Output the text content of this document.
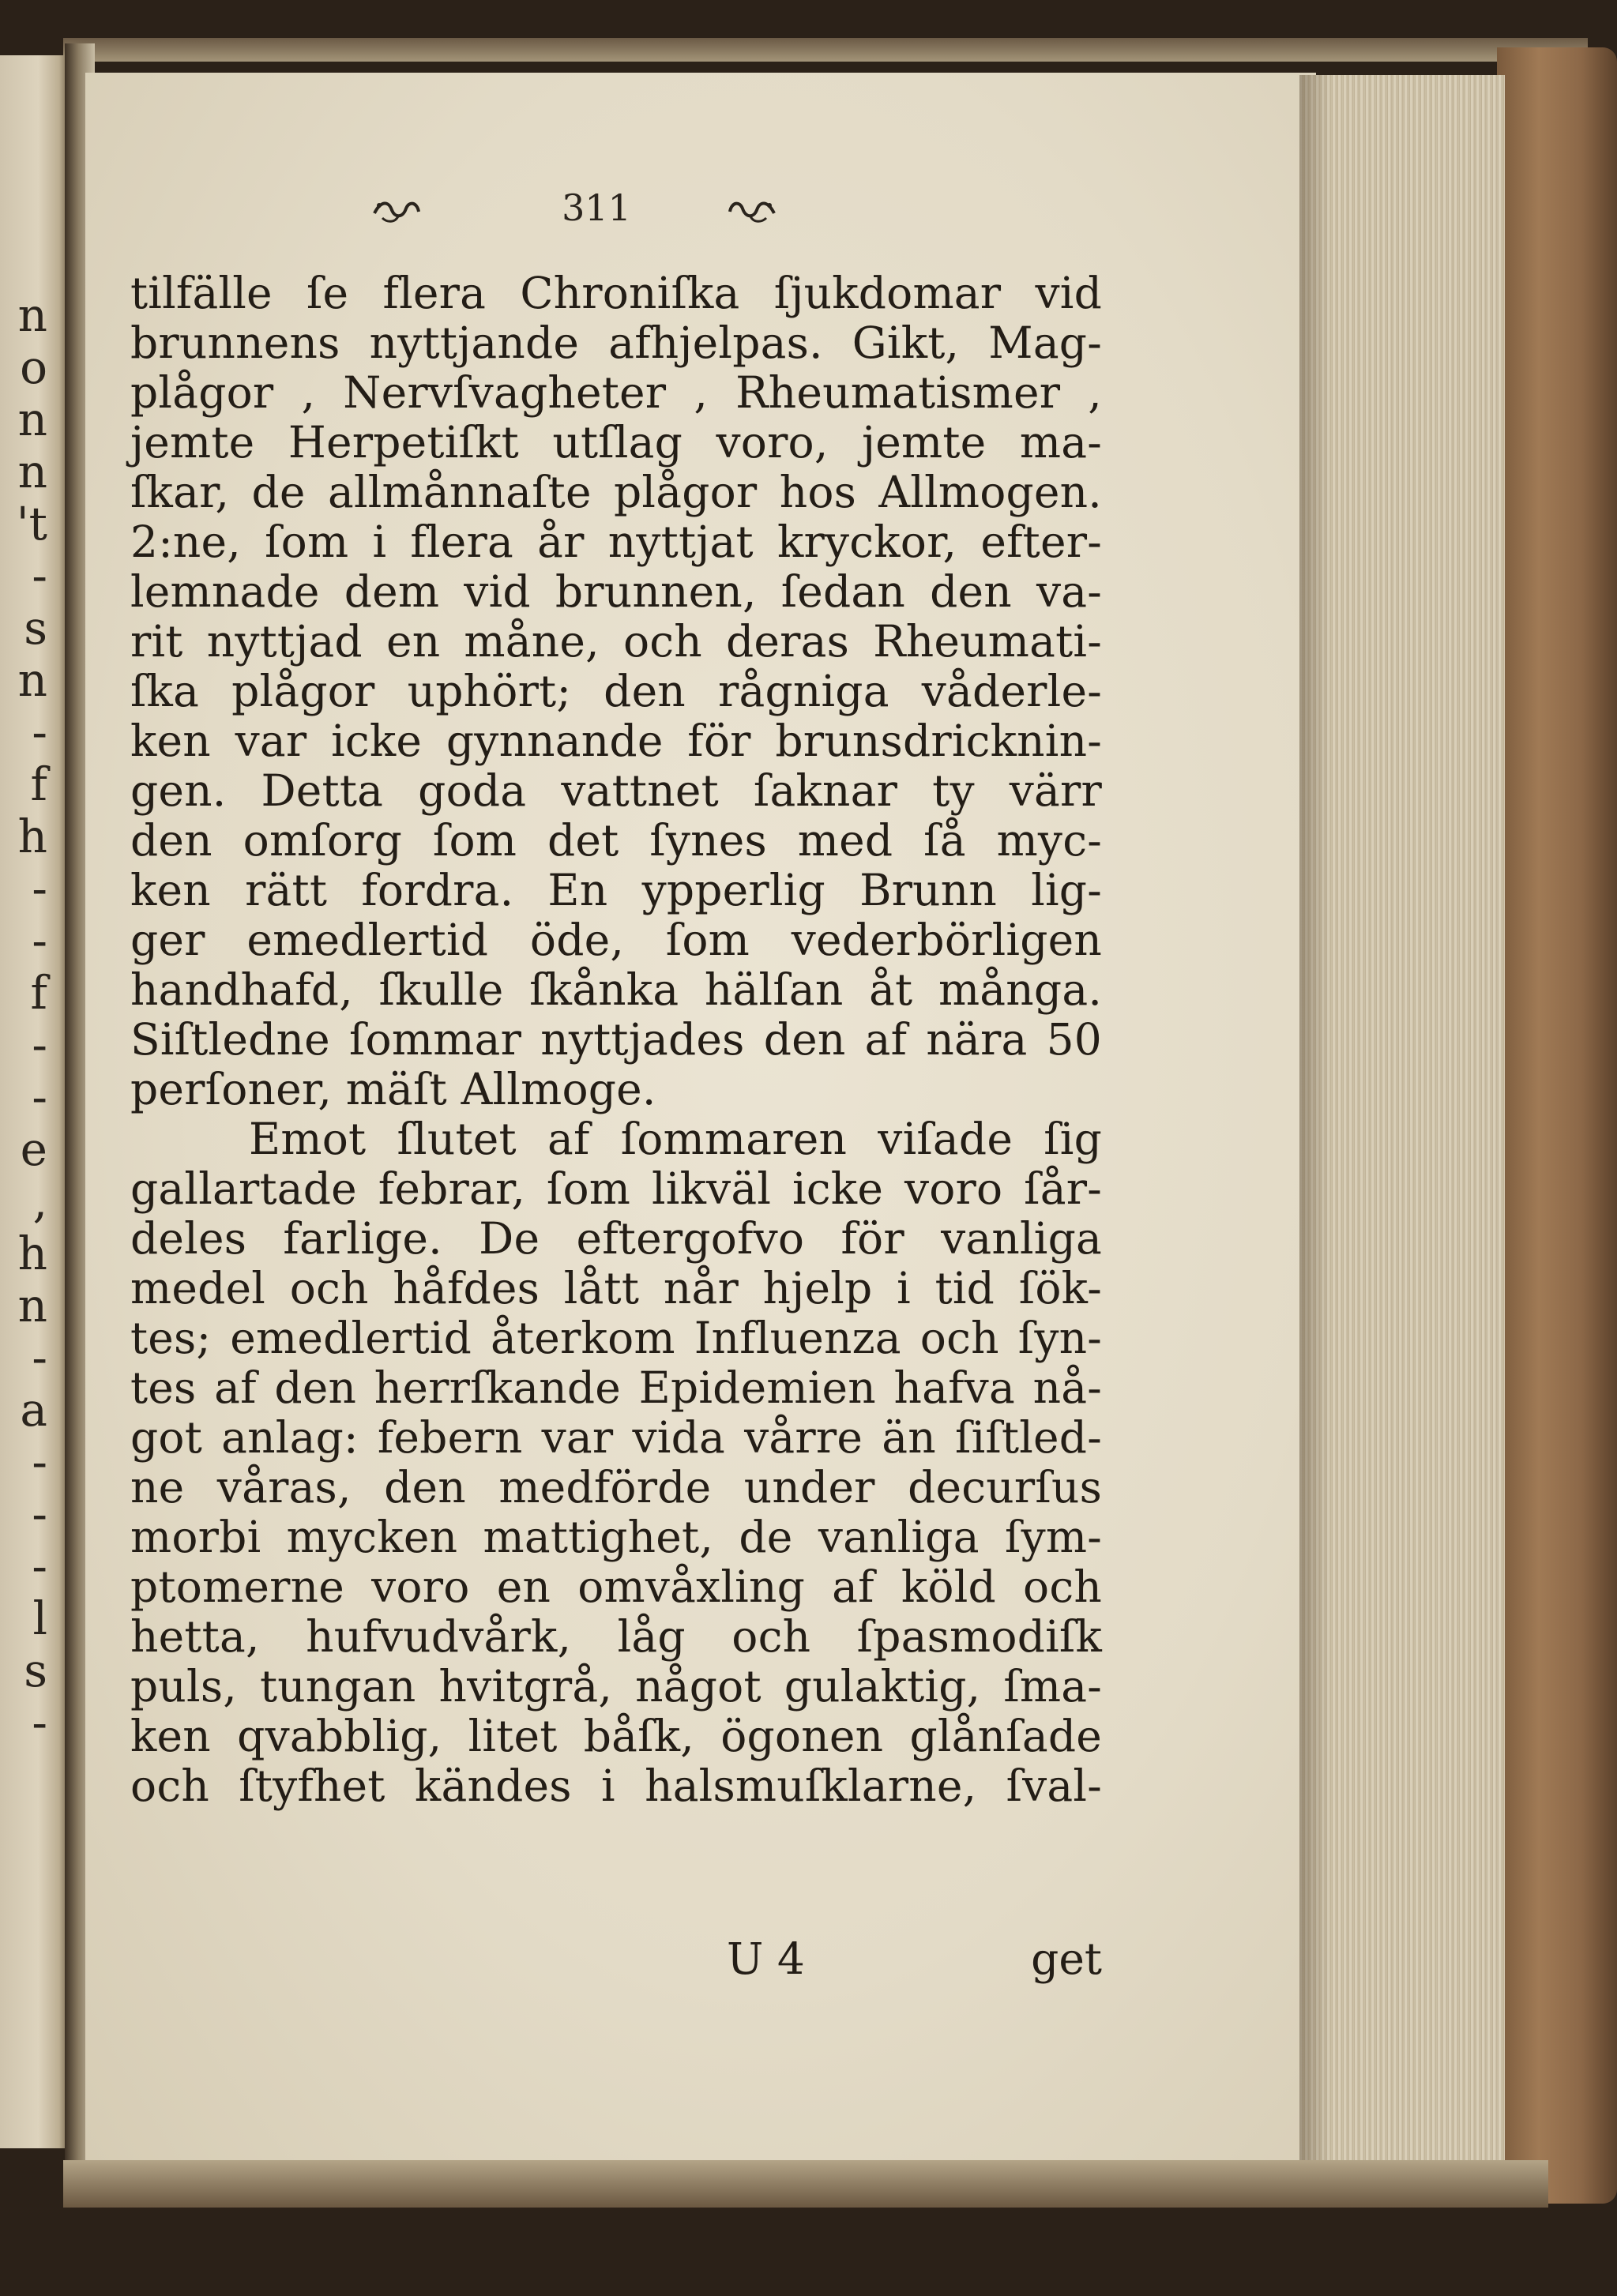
n
o
n
n
't
-
s
n
-
f
h
-
-
f
-
-
e
,
h
n
-
a
-
-
-
l
s
-
311
tilfälle ſe flera Chroniſka ſjukdomar vid
brunnens nyttjande afhjelpas. Gikt, Mag-
plågor , Nervſvagheter , Rheumatismer ,
jemte Herpetiſkt utſlag voro, jemte ma-
ſkar, de allmånnaſte plågor hos Allmogen.
2:ne, ſom i flera år nyttjat kryckor, efter-
lemnade dem vid brunnen, ſedan den va-
rit nyttjad en måne, och deras Rheumati-
ſka plågor uphört; den rågniga våderle-
ken var icke gynnande för brunsdricknin-
gen. Detta goda vattnet ſaknar ty värr
den omſorg ſom det ſynes med ſå myc-
ken rätt fordra. En ypperlig Brunn lig-
ger emedlertid öde, ſom vederbörligen
handhafd, ſkulle ſkånka hälſan åt många.
Siſtledne ſommar nyttjades den af nära 50
perſoner, mäſt Allmoge.
Emot ſlutet af ſommaren viſade ſig
gallartade febrar, ſom likväl icke voro ſår-
deles farlige. De eftergofvo för vanliga
medel och håfdes lått når hjelp i tid ſök-
tes; emedlertid återkom Influenza och ſyn-
tes af den herrſkande Epidemien hafva nå-
got anlag: febern var vida vårre än ſiſtled-
ne våras, den medförde under decurſus
morbi mycken mattighet, de vanliga ſym-
ptomerne voro en omvåxling af köld och
hetta, hufvudvårk, låg och ſpasmodiſk
puls, tungan hvitgrå, något gulaktig, ſma-
ken qvabblig, litet båſk, ögonen glånſade
och ſtyfhet kändes i halsmuſklarne, ſval-
U 4	get
